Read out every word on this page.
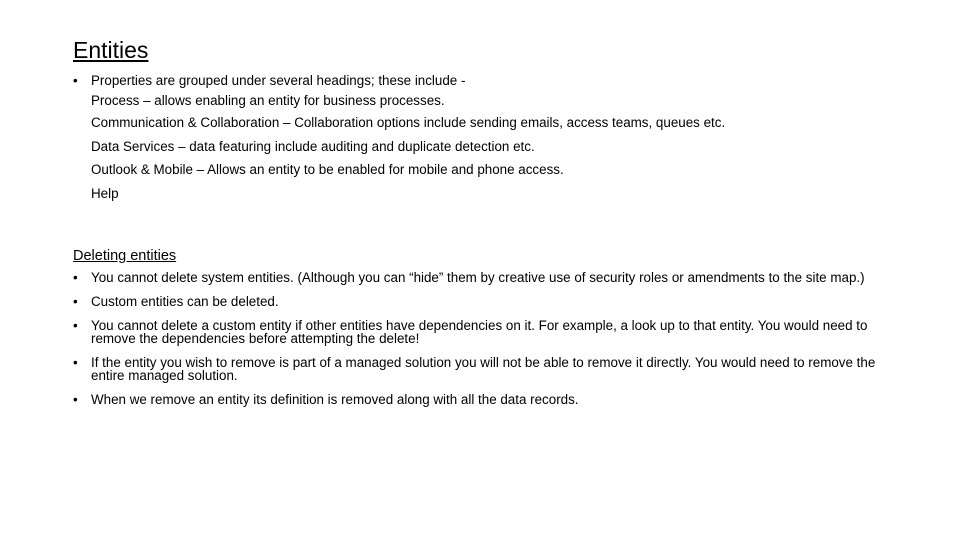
Entities
• Properties are grouped under several headings; these include -
Process – allows enabling an entity for business processes.
Communication & Collaboration – Collaboration options include sending emails, access teams, queues etc.
Data Services – data featuring include auditing and duplicate detection etc.
Outlook & Mobile – Allows an entity to be enabled for mobile and phone access.
Help
Deleting entities
• You cannot delete system entities. (Although you can “hide” them by creative use of security roles or amendments to the site map.)
• Custom entities can be deleted.
• You cannot delete a custom entity if other entities have dependencies on it. For example, a look up to that entity. You would need to remove the dependencies before attempting the delete!
• If the entity you wish to remove is part of a managed solution you will not be able to remove it directly. You would need to remove the entire managed solution.
• When we remove an entity its definition is removed along with all the data records.
